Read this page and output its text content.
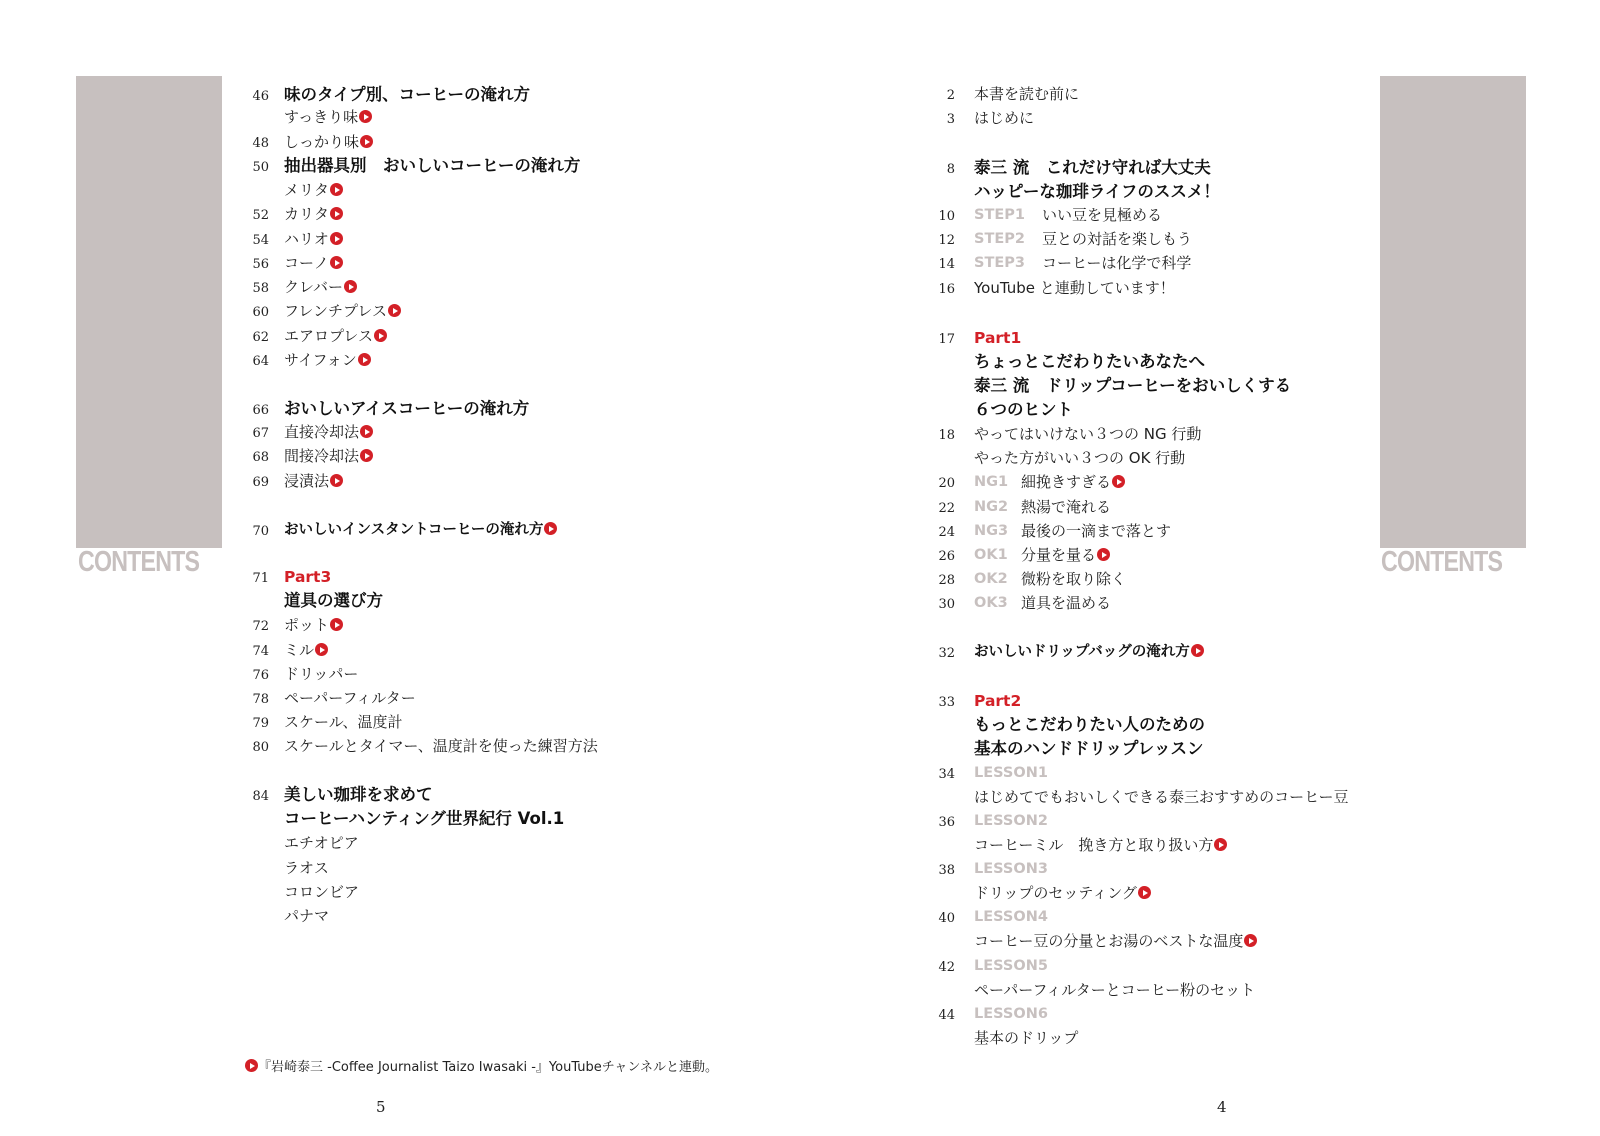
CONTENTS	CONTENTS
46 味のタイプ別、コーヒーの淹れ方
すっきり味
48 しっかり味
50 抽出器具別　おいしいコーヒーの淹れ方
メリタ
52 カリタ
54 ハリオ
56 コーノ
58 クレバー
60 フレンチプレス
62 エアロプレス
64 サイフォン
66 おいしいアイスコーヒーの淹れ方
67 直接冷却法
68 間接冷却法
69 浸漬法
70 おいしいインスタントコーヒーの淹れ方
71 Part3
道具の選び方
72 ポット
74 ミル
76 ドリッパー
78 ペーパーフィルター
79 スケール、温度計
80 スケールとタイマー、温度計を使った練習方法
84 美しい珈琲を求めて
コーヒーハンティング世界紀行 Vol.1
エチオピア
ラオス
コロンビア
パナマ
2 本書を読む前に
3 はじめに
8 泰三 流　これだけ守れば大丈夫
ハッピーな珈琲ライフのススメ！
10 STEP1 いい豆を見極める
12 STEP2 豆との対話を楽しもう
14 STEP3 コーヒーは化学で科学
16 YouTube と連動しています！
17 Part1
ちょっとこだわりたいあなたへ
泰三 流　ドリップコーヒーをおいしくする
６つのヒント
18 やってはいけない３つの NG 行動
やった方がいい３つの OK 行動
20 NG1 細挽きすぎる
22 NG2 熱湯で淹れる
24 NG3 最後の一滴まで落とす
26 OK1 分量を量る
28 OK2 微粉を取り除く
30 OK3 道具を温める
32 おいしいドリップバッグの淹れ方
33 Part2
もっとこだわりたい人のための
基本のハンドドリップレッスン
34 LESSON1
はじめてでもおいしくできる泰三おすすめのコーヒー豆
36 LESSON2
コーヒーミル　挽き方と取り扱い方
38 LESSON3
ドリップのセッティング
40 LESSON4
コーヒー豆の分量とお湯のベストな温度
42 LESSON5
ペーパーフィルターとコーヒー粉のセット
44 LESSON6
基本のドリップ
『岩崎泰三 -Coffee Journalist Taizo Iwasaki -』YouTubeチャンネルと連動。
5	4
